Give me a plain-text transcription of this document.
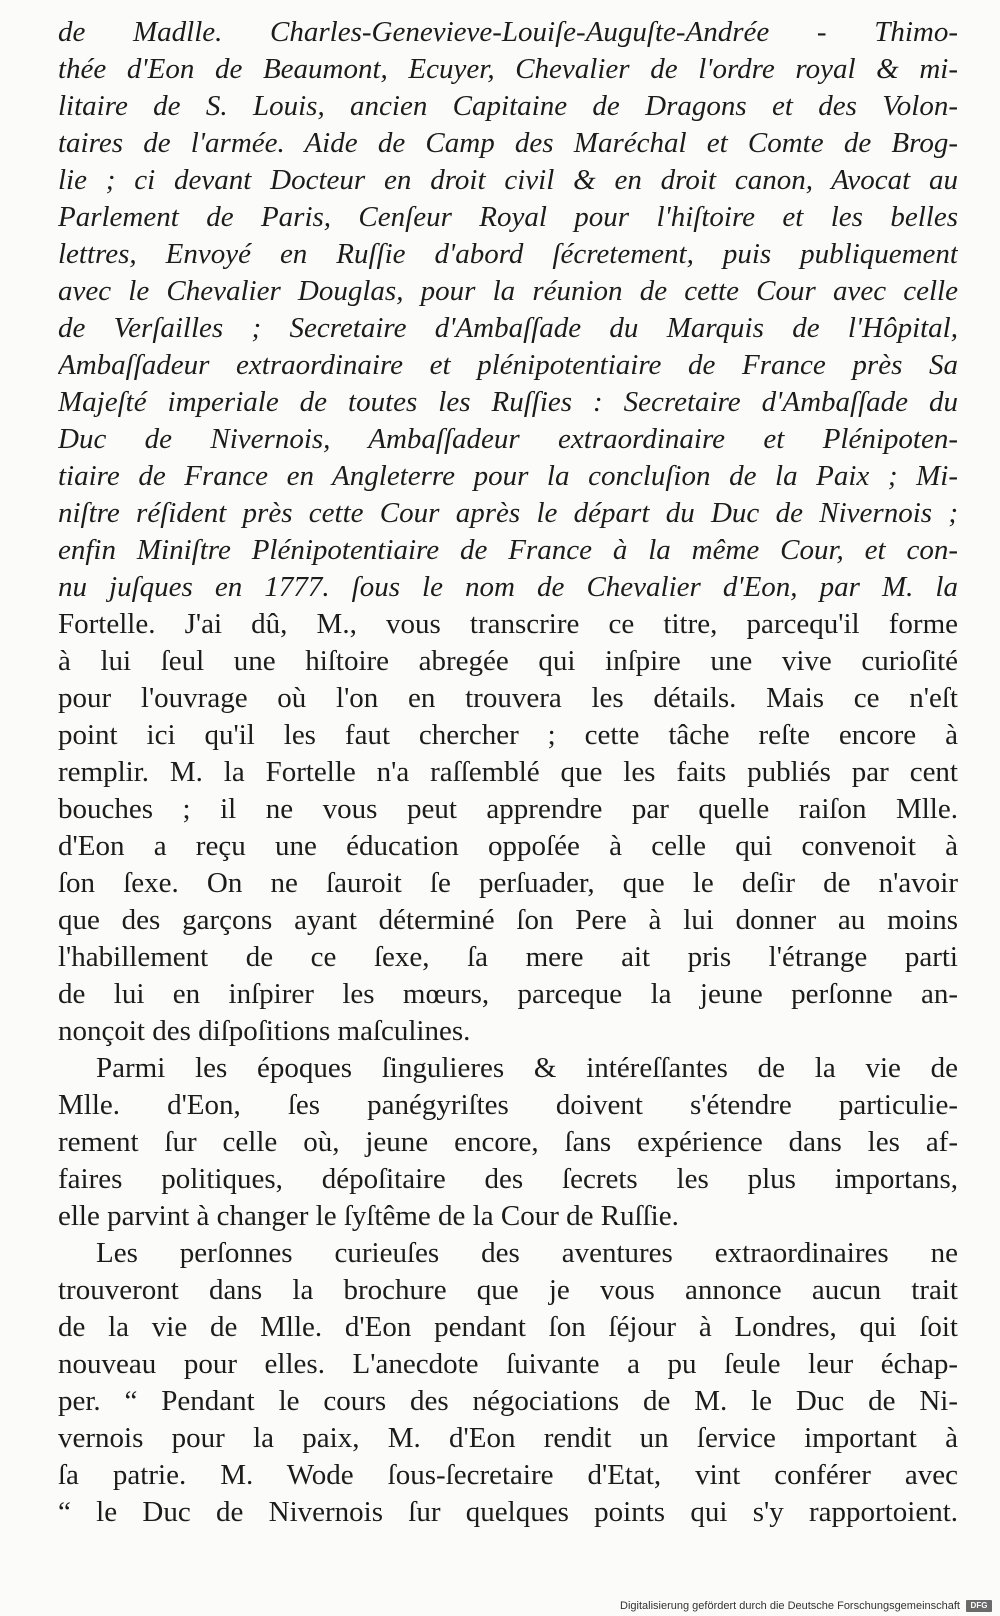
de Madlle. Charles-Genevieve-Louiſe-Auguſte-Andrée - Thimo-
thée d'Eon de Beaumont, Ecuyer, Chevalier de l'ordre royal & mi-
litaire de S. Louis, ancien Capitaine de Dragons et des Volon-
taires de l'armée. Aide de Camp des Maréchal et Comte de Brog-
lie ; ci devant Docteur en droit civil & en droit canon, Avocat au
Parlement de Paris, Cenſeur Royal pour l'hiſtoire et les belles
lettres, Envoyé en Ruſſie d'abord ſécretement, puis publiquement
avec le Chevalier Douglas, pour la réunion de cette Cour avec celle
de Verſailles ; Secretaire d'Ambaſſade du Marquis de l'Hôpital,
Ambaſſadeur extraordinaire et plénipotentiaire de France près Sa
Majeſté imperiale de toutes les Ruſſies : Secretaire d'Ambaſſade du
Duc de Nivernois, Ambaſſadeur extraordinaire et Plénipoten-
tiaire de France en Angleterre pour la concluſion de la Paix ; Mi-
niſtre réſident près cette Cour après le départ du Duc de Nivernois ;
enfin Miniſtre Plénipotentiaire de France à la même Cour, et con-
nu juſques en 1777. ſous le nom de Chevalier d'Eon, par M. la
Fortelle. J'ai dû, M., vous transcrire ce titre, parcequ'il forme
à lui ſeul une hiſtoire abregée qui inſpire une vive curioſité
pour l'ouvrage où l'on en trouvera les détails. Mais ce n'eſt
point ici qu'il les faut chercher ; cette tâche reſte encore à
remplir. M. la Fortelle n'a raſſemblé que les faits publiés par cent
bouches ; il ne vous peut apprendre par quelle raiſon Mlle.
d'Eon a reçu une éducation oppoſée à celle qui convenoit à
ſon ſexe. On ne ſauroit ſe perſuader, que le deſir de n'avoir
que des garçons ayant déterminé ſon Pere à lui donner au moins
l'habillement de ce ſexe, ſa mere ait pris l'étrange parti
de lui en inſpirer les mœurs, parceque la jeune perſonne an-
nonçoit des diſpoſitions maſculines.
Parmi les époques ſingulieres & intéreſſantes de la vie de
Mlle. d'Eon, ſes panégyriſtes doivent s'étendre particulie-
rement ſur celle où, jeune encore, ſans expérience dans les af-
faires politiques, dépoſitaire des ſecrets les plus importans,
elle parvint à changer le ſyſtême de la Cour de Ruſſie.
Les perſonnes curieuſes des aventures extraordinaires ne
trouveront dans la brochure que je vous annonce aucun trait
de la vie de Mlle. d'Eon pendant ſon ſéjour à Londres, qui ſoit
nouveau pour elles. L'anecdote ſuivante a pu ſeule leur échap-
per. “ Pendant le cours des négociations de M. le Duc de Ni-
vernois pour la paix, M. d'Eon rendit un ſervice important à
ſa patrie. M. Wode ſous-ſecretaire d'Etat, vint conférer avec
“ le Duc de Nivernois ſur quelques points qui s'y rapportoient.
Digitalisierung gefördert durch die Deutsche Forschungsgemeinschaft	DFG
